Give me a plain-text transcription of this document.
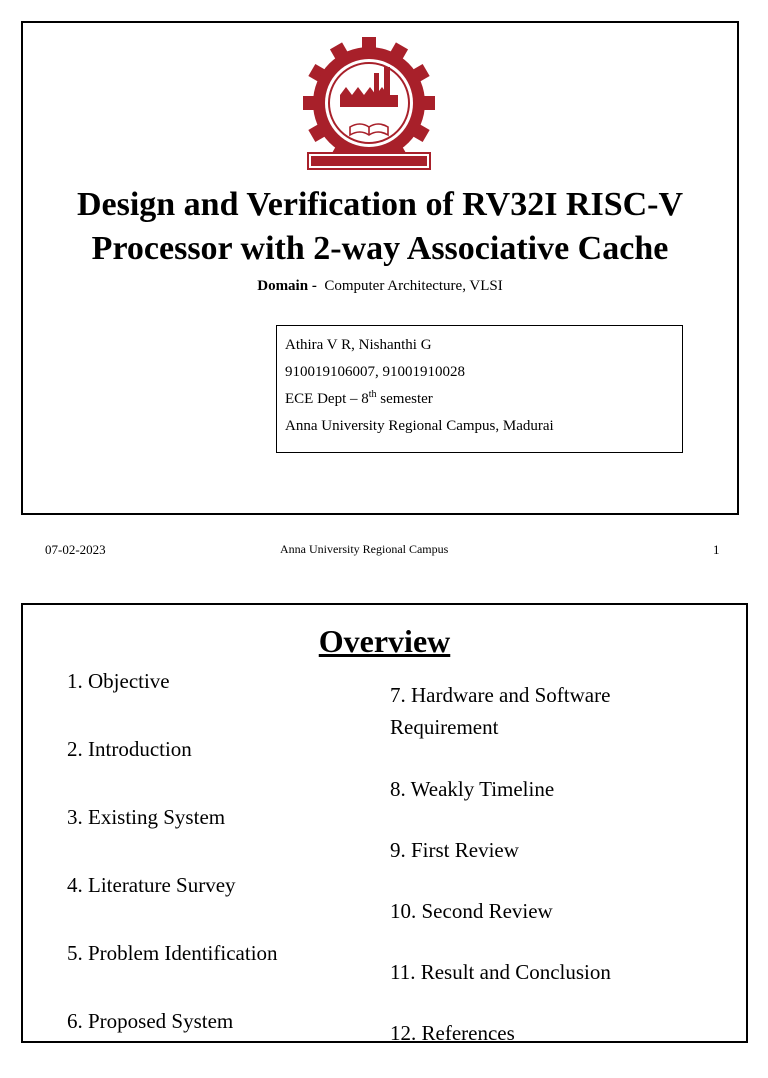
Design and Verification of RV32I RISC-V
Processor with 2-way Associative Cache
Domain - Computer Architecture, VLSI
Athira V R, Nishanthi G
910019106007, 91001910028
ECE Dept – 8th semester
Anna University Regional Campus, Madurai
07-02-2023	Anna University Regional Campus	1
Overview
1. Objective
2. Introduction
3. Existing System
4. Literature Survey
5. Problem Identification
6. Proposed System
7. Hardware and Software
Requirement
8. Weakly Timeline
9. First Review
10. Second Review
11. Result and Conclusion
12. References
